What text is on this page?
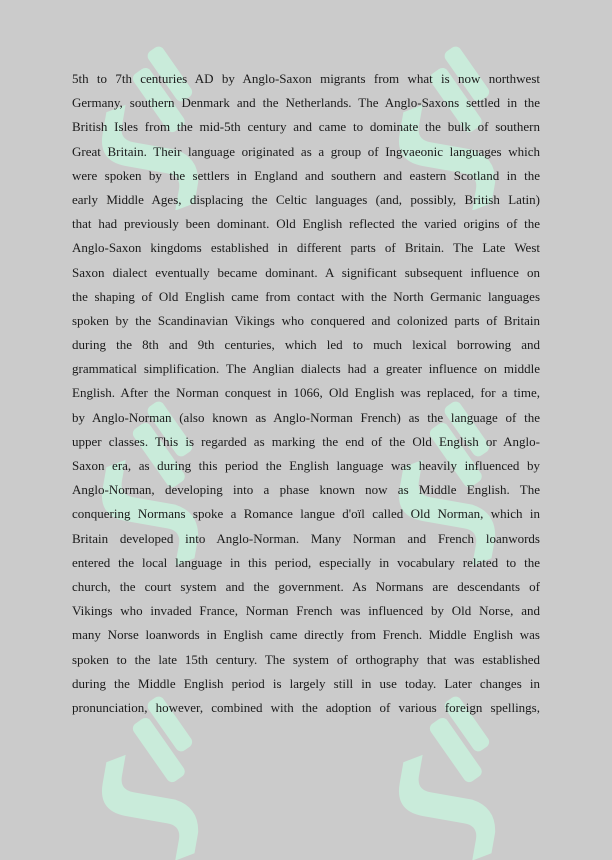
5th to 7th centuries AD by Anglo-Saxon migrants from what is now northwest
Germany, southern Denmark and the Netherlands. The Anglo-Saxons settled in the
British Isles from the mid-5th century and came to dominate the bulk of southern
Great Britain. Their language originated as a group of Ingvaeonic languages which
were spoken by the settlers in England and southern and eastern Scotland in the
early Middle Ages, displacing the Celtic languages (and, possibly, British Latin)
that had previously been dominant. Old English reflected the varied origins of the
Anglo-Saxon kingdoms established in different parts of Britain. The Late West
Saxon dialect eventually became dominant. A significant subsequent influence on
the shaping of Old English came from contact with the North Germanic languages
spoken by the Scandinavian Vikings who conquered and colonized parts of Britain
during the 8th and 9th centuries, which led to much lexical borrowing and
grammatical simplification. The Anglian dialects had a greater influence on middle
English. After the Norman conquest in 1066, Old English was replaced, for a time,
by Anglo-Norman (also known as Anglo-Norman French) as the language of the
upper classes. This is regarded as marking the end of the Old English or Anglo-
Saxon era, as during this period the English language was heavily influenced by
Anglo-Norman, developing into a phase known now as Middle English. The
conquering Normans spoke a Romance langue d'oïl called Old Norman, which in
Britain developed into Anglo-Norman. Many Norman and French loanwords
entered the local language in this period, especially in vocabulary related to the
church, the court system and the government. As Normans are descendants of
Vikings who invaded France, Norman French was influenced by Old Norse, and
many Norse loanwords in English came directly from French. Middle English was
spoken to the late 15th century. The system of orthography that was established
during the Middle English period is largely still in use today. Later changes in
pronunciation, however, combined with the adoption of various foreign spellings,
